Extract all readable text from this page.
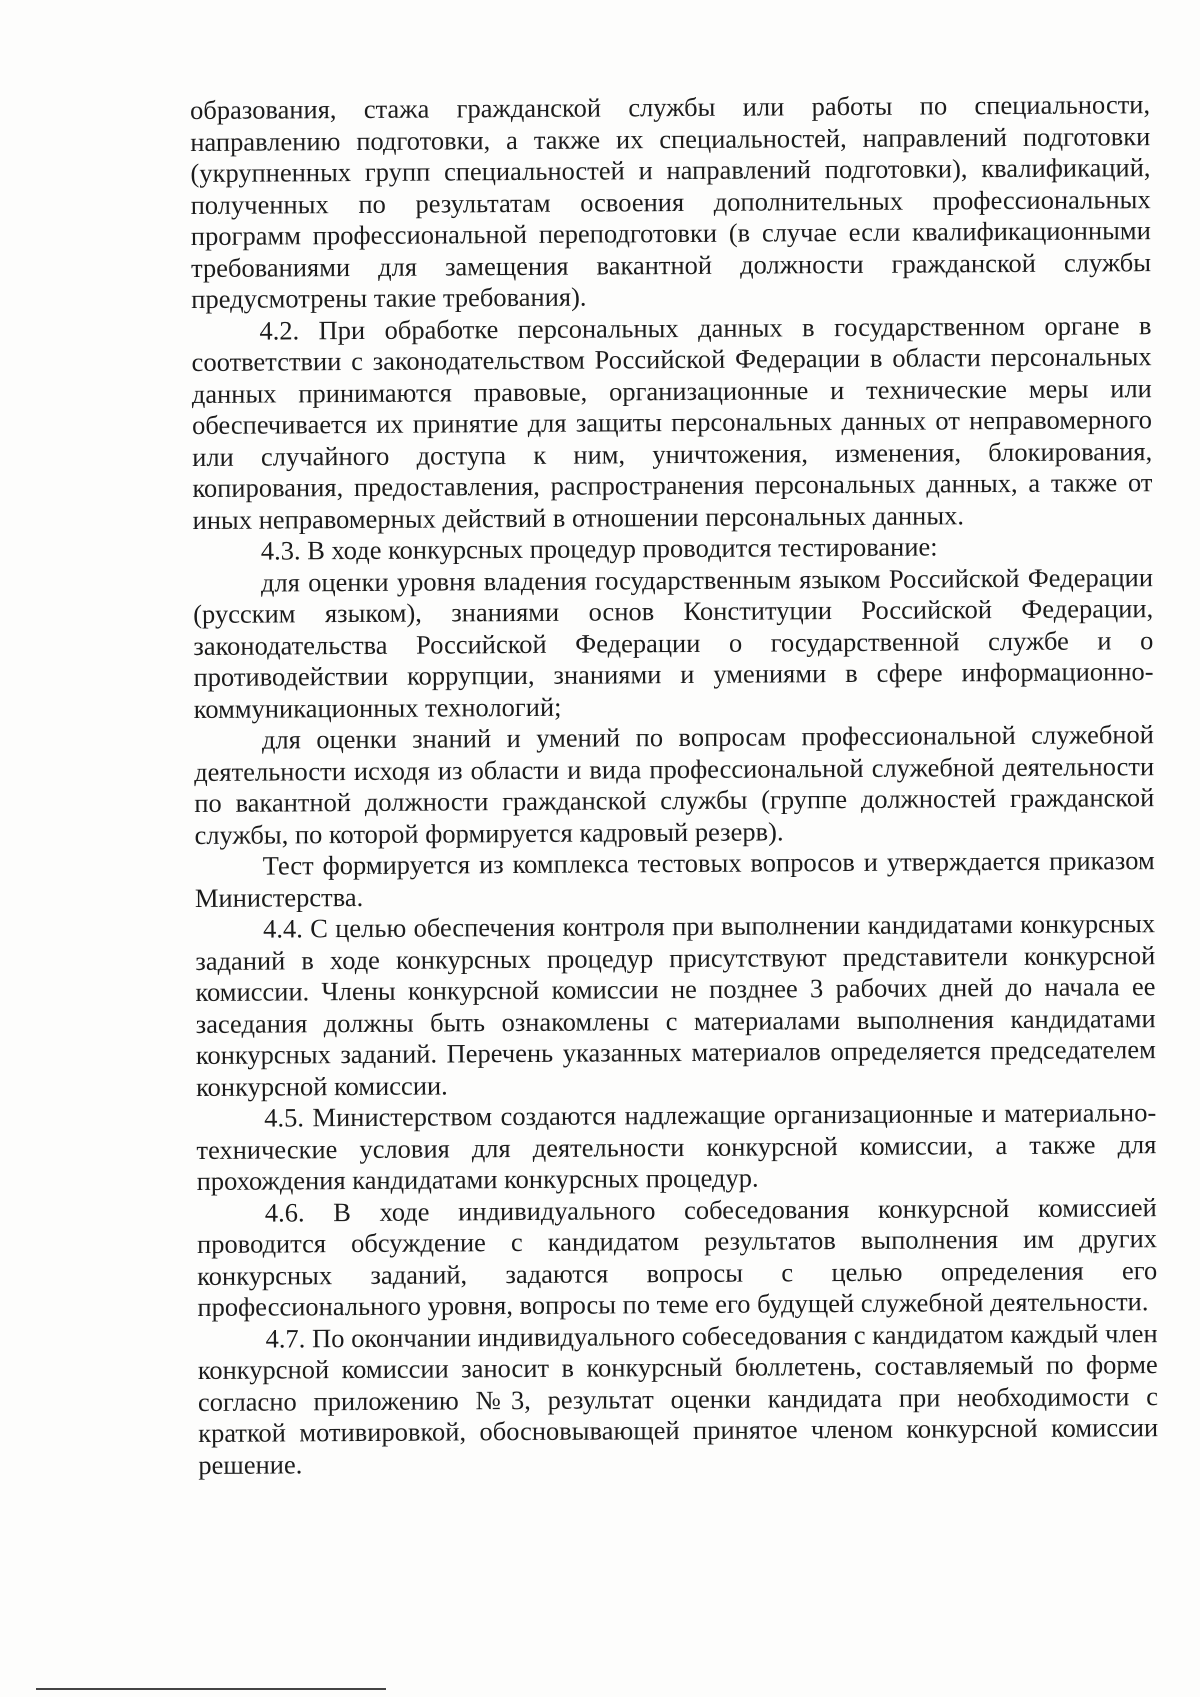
образования, стажа гражданской службы или работы по специальности, направлению подготовки, а также их специальностей, направлений подготовки (укрупненных групп специальностей и направлений подготовки), квалификаций, полученных по результатам освоения дополнительных профессиональных программ профессиональной переподготовки (в случае если квалификационными требованиями для замещения вакантной должности гражданской службы предусмотрены такие требования).

4.2. При обработке персональных данных в государственном органе в соответствии с законодательством Российской Федерации в области персональных данных принимаются правовые, организационные и технические меры или обеспечивается их принятие для защиты персональных данных от неправомерного или случайного доступа к ним, уничтожения, изменения, блокирования, копирования, предоставления, распространения персональных данных, а также от иных неправомерных действий в отношении персональных данных.

4.3. В ходе конкурсных процедур проводится тестирование:

для оценки уровня владения государственным языком Российской Федерации (русским языком), знаниями основ Конституции Российской Федерации, законодательства Российской Федерации о государственной службе и о противодействии коррупции, знаниями и умениями в сфере информационно-коммуникационных технологий;

для оценки знаний и умений по вопросам профессиональной служебной деятельности исходя из области и вида профессиональной служебной деятельности по вакантной должности гражданской службы (группе должностей гражданской службы, по которой формируется кадровый резерв).

Тест формируется из комплекса тестовых вопросов и утверждается приказом Министерства.

4.4. С целью обеспечения контроля при выполнении кандидатами конкурсных заданий в ходе конкурсных процедур присутствуют представители конкурсной комиссии. Члены конкурсной комиссии не позднее 3 рабочих дней до начала ее заседания должны быть ознакомлены с материалами выполнения кандидатами конкурсных заданий. Перечень указанных материалов определяется председателем конкурсной комиссии.

4.5. Министерством создаются надлежащие организационные и материально-технические условия для деятельности конкурсной комиссии, а также для прохождения кандидатами конкурсных процедур.

4.6. В ходе индивидуального собеседования конкурсной комиссией проводится обсуждение с кандидатом результатов выполнения им других конкурсных заданий, задаются вопросы с целью определения его профессионального уровня, вопросы по теме его будущей служебной деятельности.

4.7. По окончании индивидуального собеседования с кандидатом каждый член конкурсной комиссии заносит в конкурсный бюллетень, составляемый по форме согласно приложению №3, результат оценки кандидата при необходимости с краткой мотивировкой, обосновывающей принятое членом конкурсной комиссии решение.
